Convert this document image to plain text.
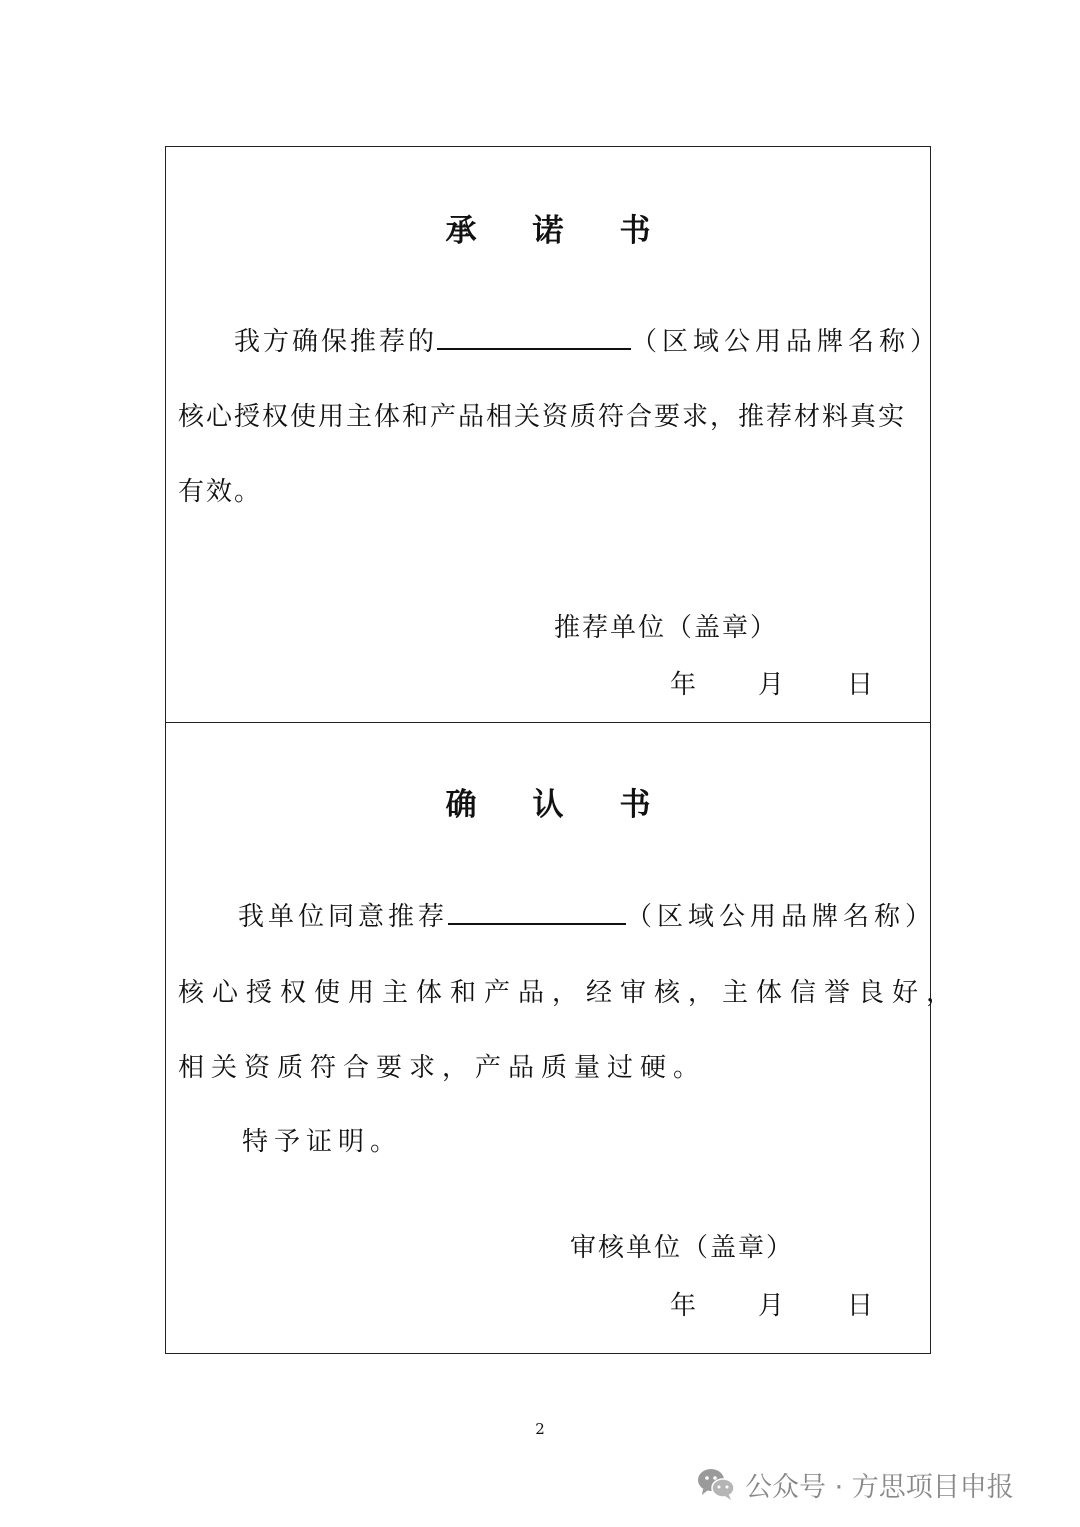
承 诺 书
我方确保推荐的	（区域公用品牌名称）
核心授权使用主体和产品相关资质符合要求，推荐材料真实
有效。
推荐单位（盖章）
年 月 日
确 认 书
我单位同意推荐	（区域公用品牌名称）
核心授权使用主体和产品，经审核，主体信誉良好，
相关资质符合要求，产品质量过硬。
特予证明。
审核单位（盖章）
年 月 日
2
公众号 · 方思项目申报
